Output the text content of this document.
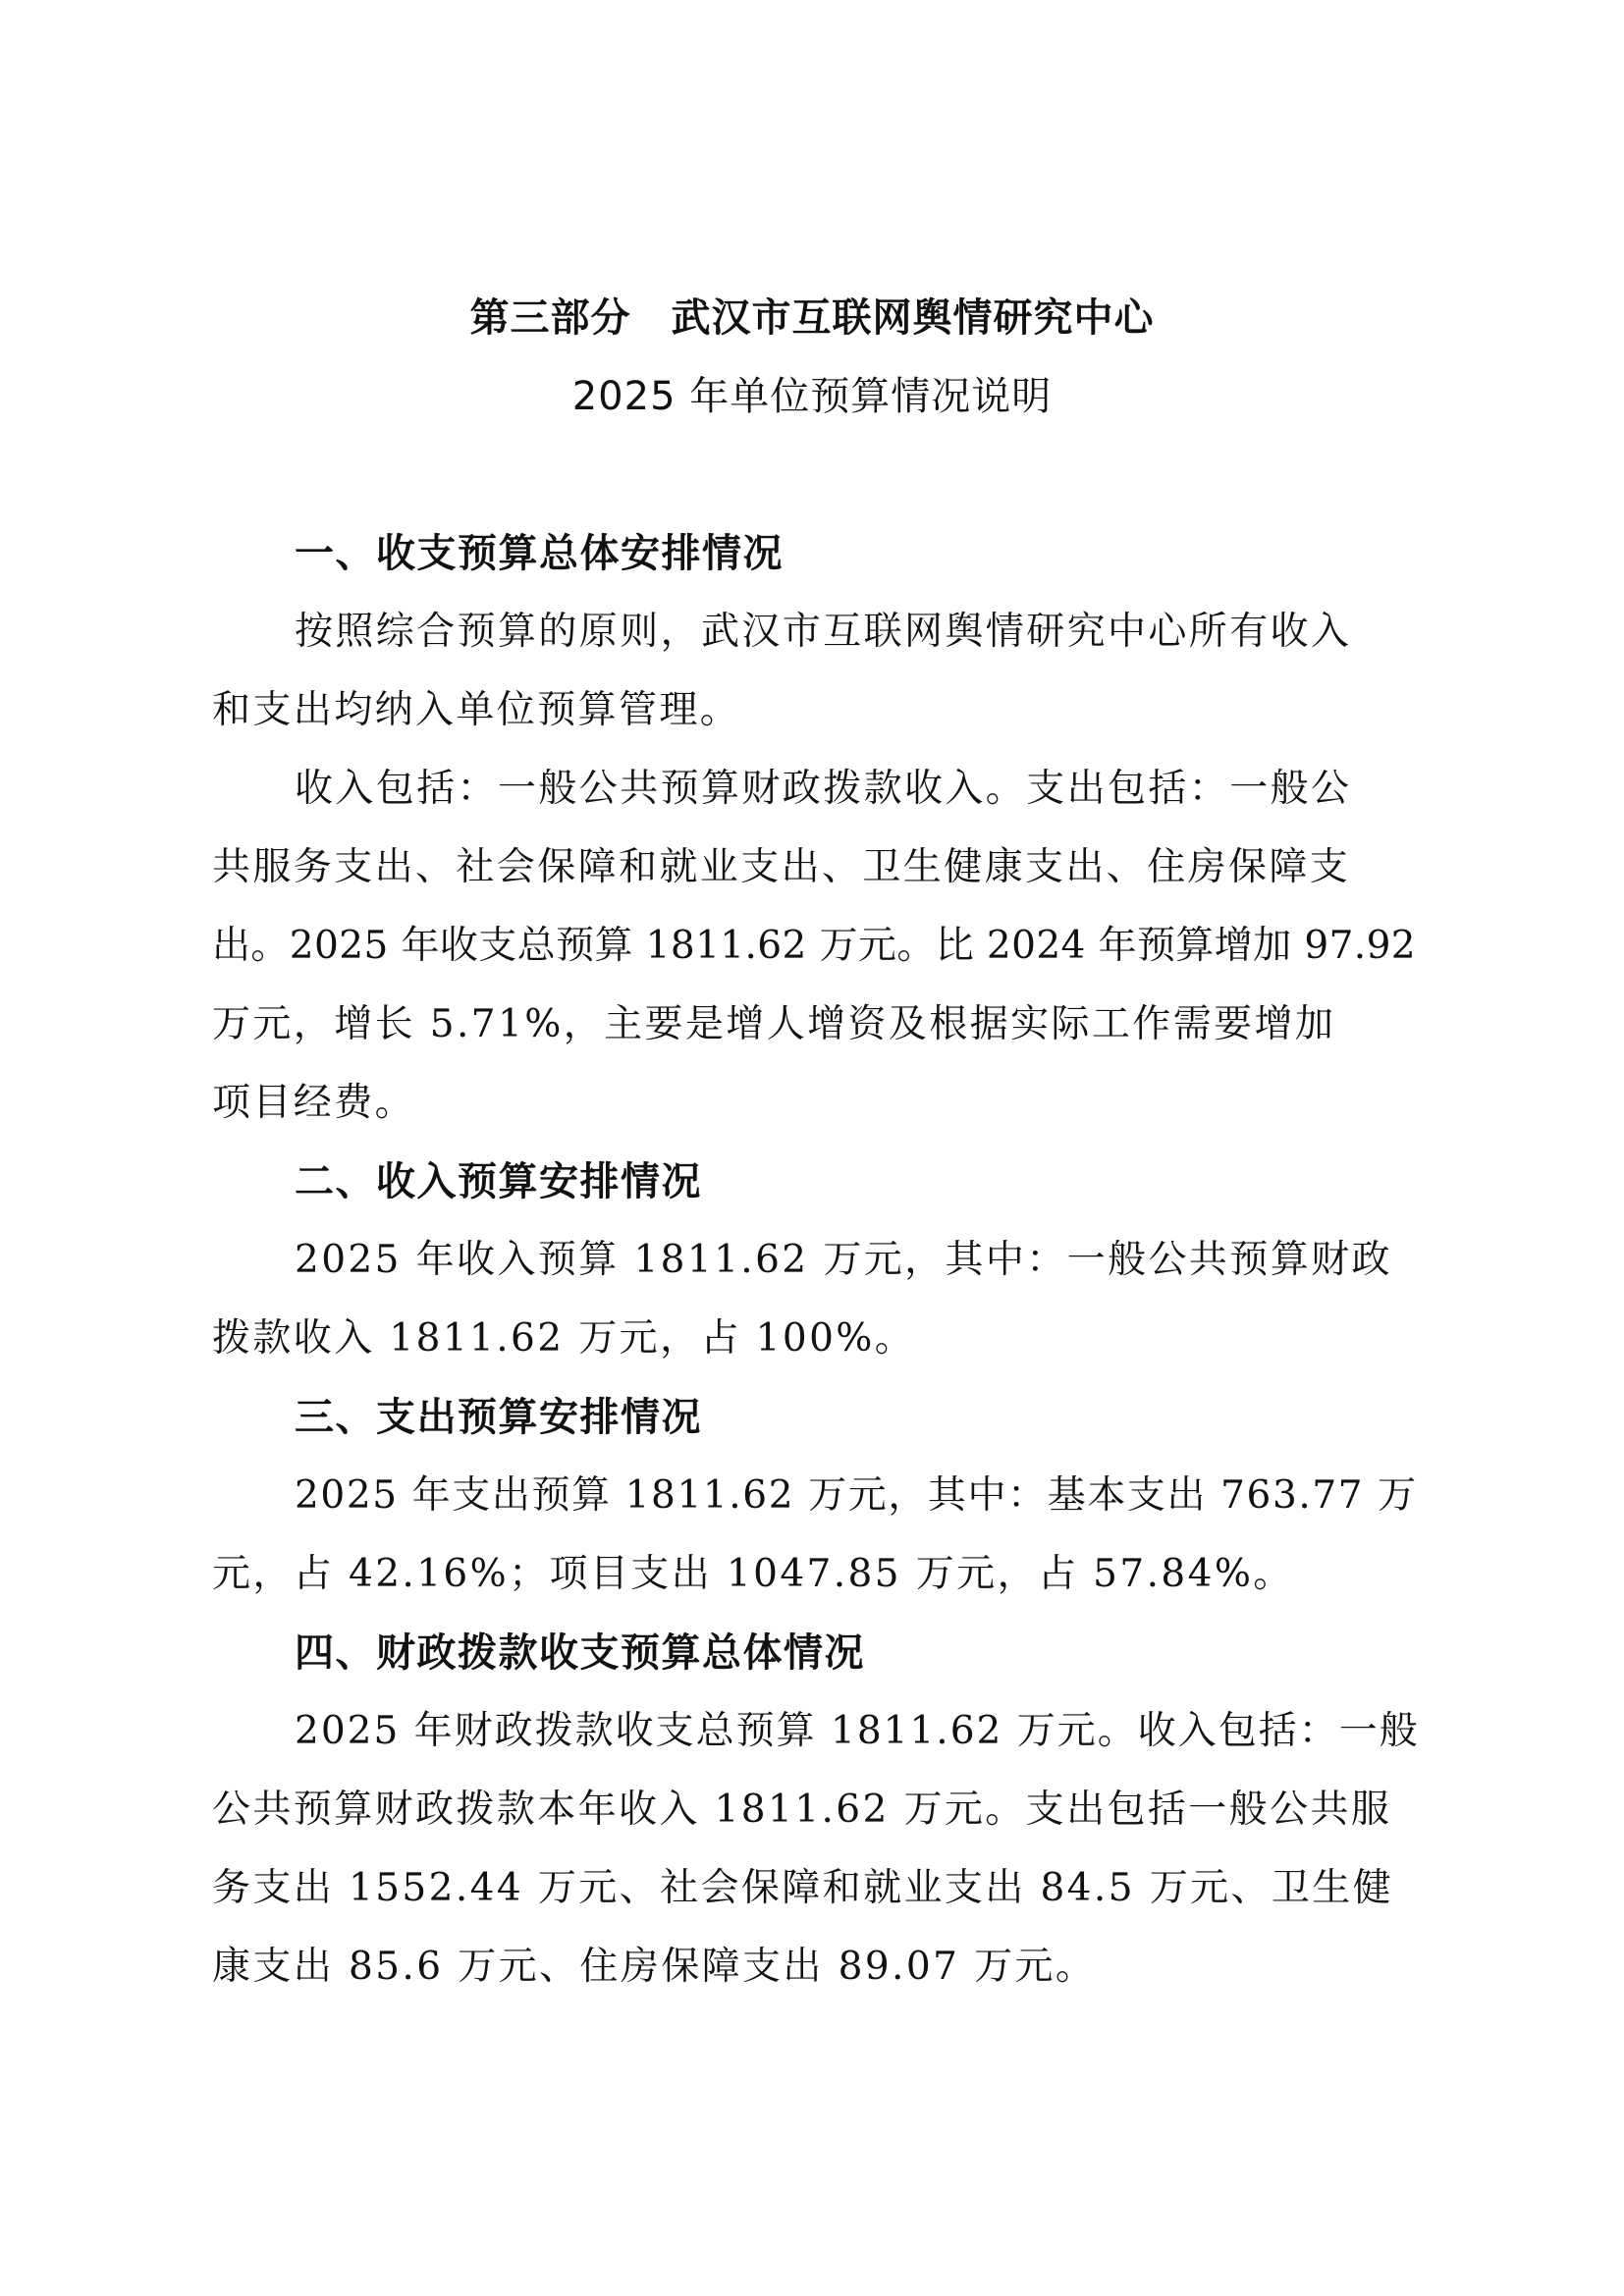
第三部分　武汉市互联网舆情研究中心
2025 年单位预算情况说明
一、收支预算总体安排情况
按照综合预算的原则，武汉市互联网舆情研究中心所有收入
和支出均纳入单位预算管理。
收入包括：一般公共预算财政拨款收入。支出包括：一般公
共服务支出、社会保障和就业支出、卫生健康支出、住房保障支
出。2025 年收支总预算 1811.62 万元。比 2024 年预算增加 97.92
万元，增长 5.71%，主要是增人增资及根据实际工作需要增加
项目经费。
二、收入预算安排情况
2025 年收入预算 1811.62 万元，其中：一般公共预算财政
拨款收入 1811.62 万元，占 100%。
三、支出预算安排情况
2025 年支出预算 1811.62 万元，其中：基本支出 763.77 万
元，占 42.16%；项目支出 1047.85 万元，占 57.84%。
四、财政拨款收支预算总体情况
2025 年财政拨款收支总预算 1811.62 万元。收入包括：一般
公共预算财政拨款本年收入 1811.62 万元。支出包括一般公共服
务支出 1552.44 万元、社会保障和就业支出 84.5 万元、卫生健
康支出 85.6 万元、住房保障支出 89.07 万元。
